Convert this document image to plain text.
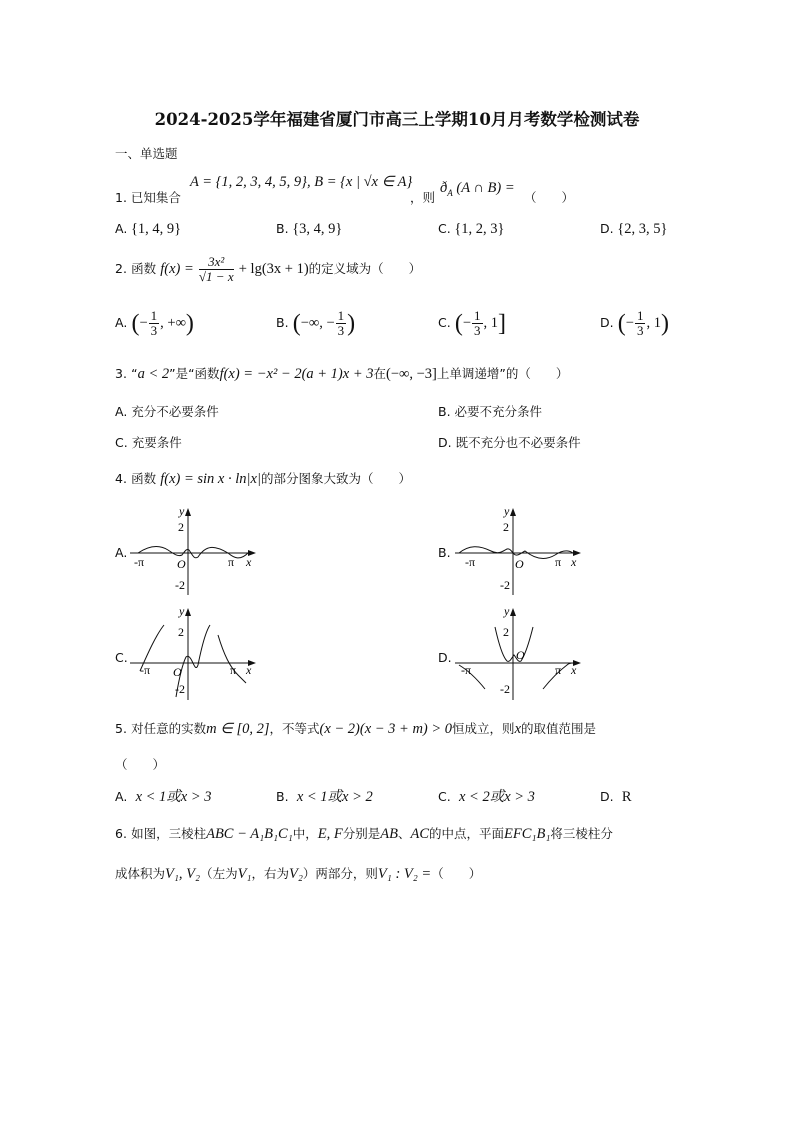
2024-2025学年福建省厦门市高三上学期10月月考数学检测试卷
一、单选题
1. 已知集合
A = {1, 2, 3, 4, 5, 9}, B = {x | √x ∈ A}
，则
$ð_A$ (A ∩ B) =
（　　）
A. {1, 4, 9}	B. {3, 4, 9}	C. {1, 2, 3}	D. {2, 3, 5}
2. 函数 $f(x) = \frac{\text{3x²}}{√1 - x} + \lg(3x + 1)$的定义域为（　　）
A. (− $\frac{1}{3}$ , +∞)	B. (−∞, − $\frac{1}{3}$ )	C. (− $\frac{1}{3}$ , 1]	D. (− $\frac{1}{3}$ , 1)
3. “a < 2”是“函数f(x) = −x² − 2(a + 1)x + 3在(−∞, −3]上单调递增”的（　　）
A. 充分不必要条件	B. 必要不充分条件
C. 充要条件	D. 既不充分也不必要条件
4. 函数 f(x) = sin x · ln|x|的部分图象大致为（　　）
A.
y
2
-2
-π	π x
O
B.
y
2
-2
-π	π x
O
C.
y
2
-2
-π	π x
O
D.
y
2
-2
-π	π x
O
5. 对任意的实数m ∈ [0, 2]，不等式(x − 2)(x − 3 + m) > 0恒成立，则x的取值范围是
（　　）
A. x < 1或x > 3	B. x < 1或x > 2	C. x < 2或x > 3	D. R
6. 如图，三棱柱ABC − A₁B₁C₁中，E, F分别是AB、AC的中点，平面EFC₁B₁将三棱柱分
成体积为V₁, V₂（左为V₁，右为V₂）两部分，则V₁ : V₂ =（　　）
